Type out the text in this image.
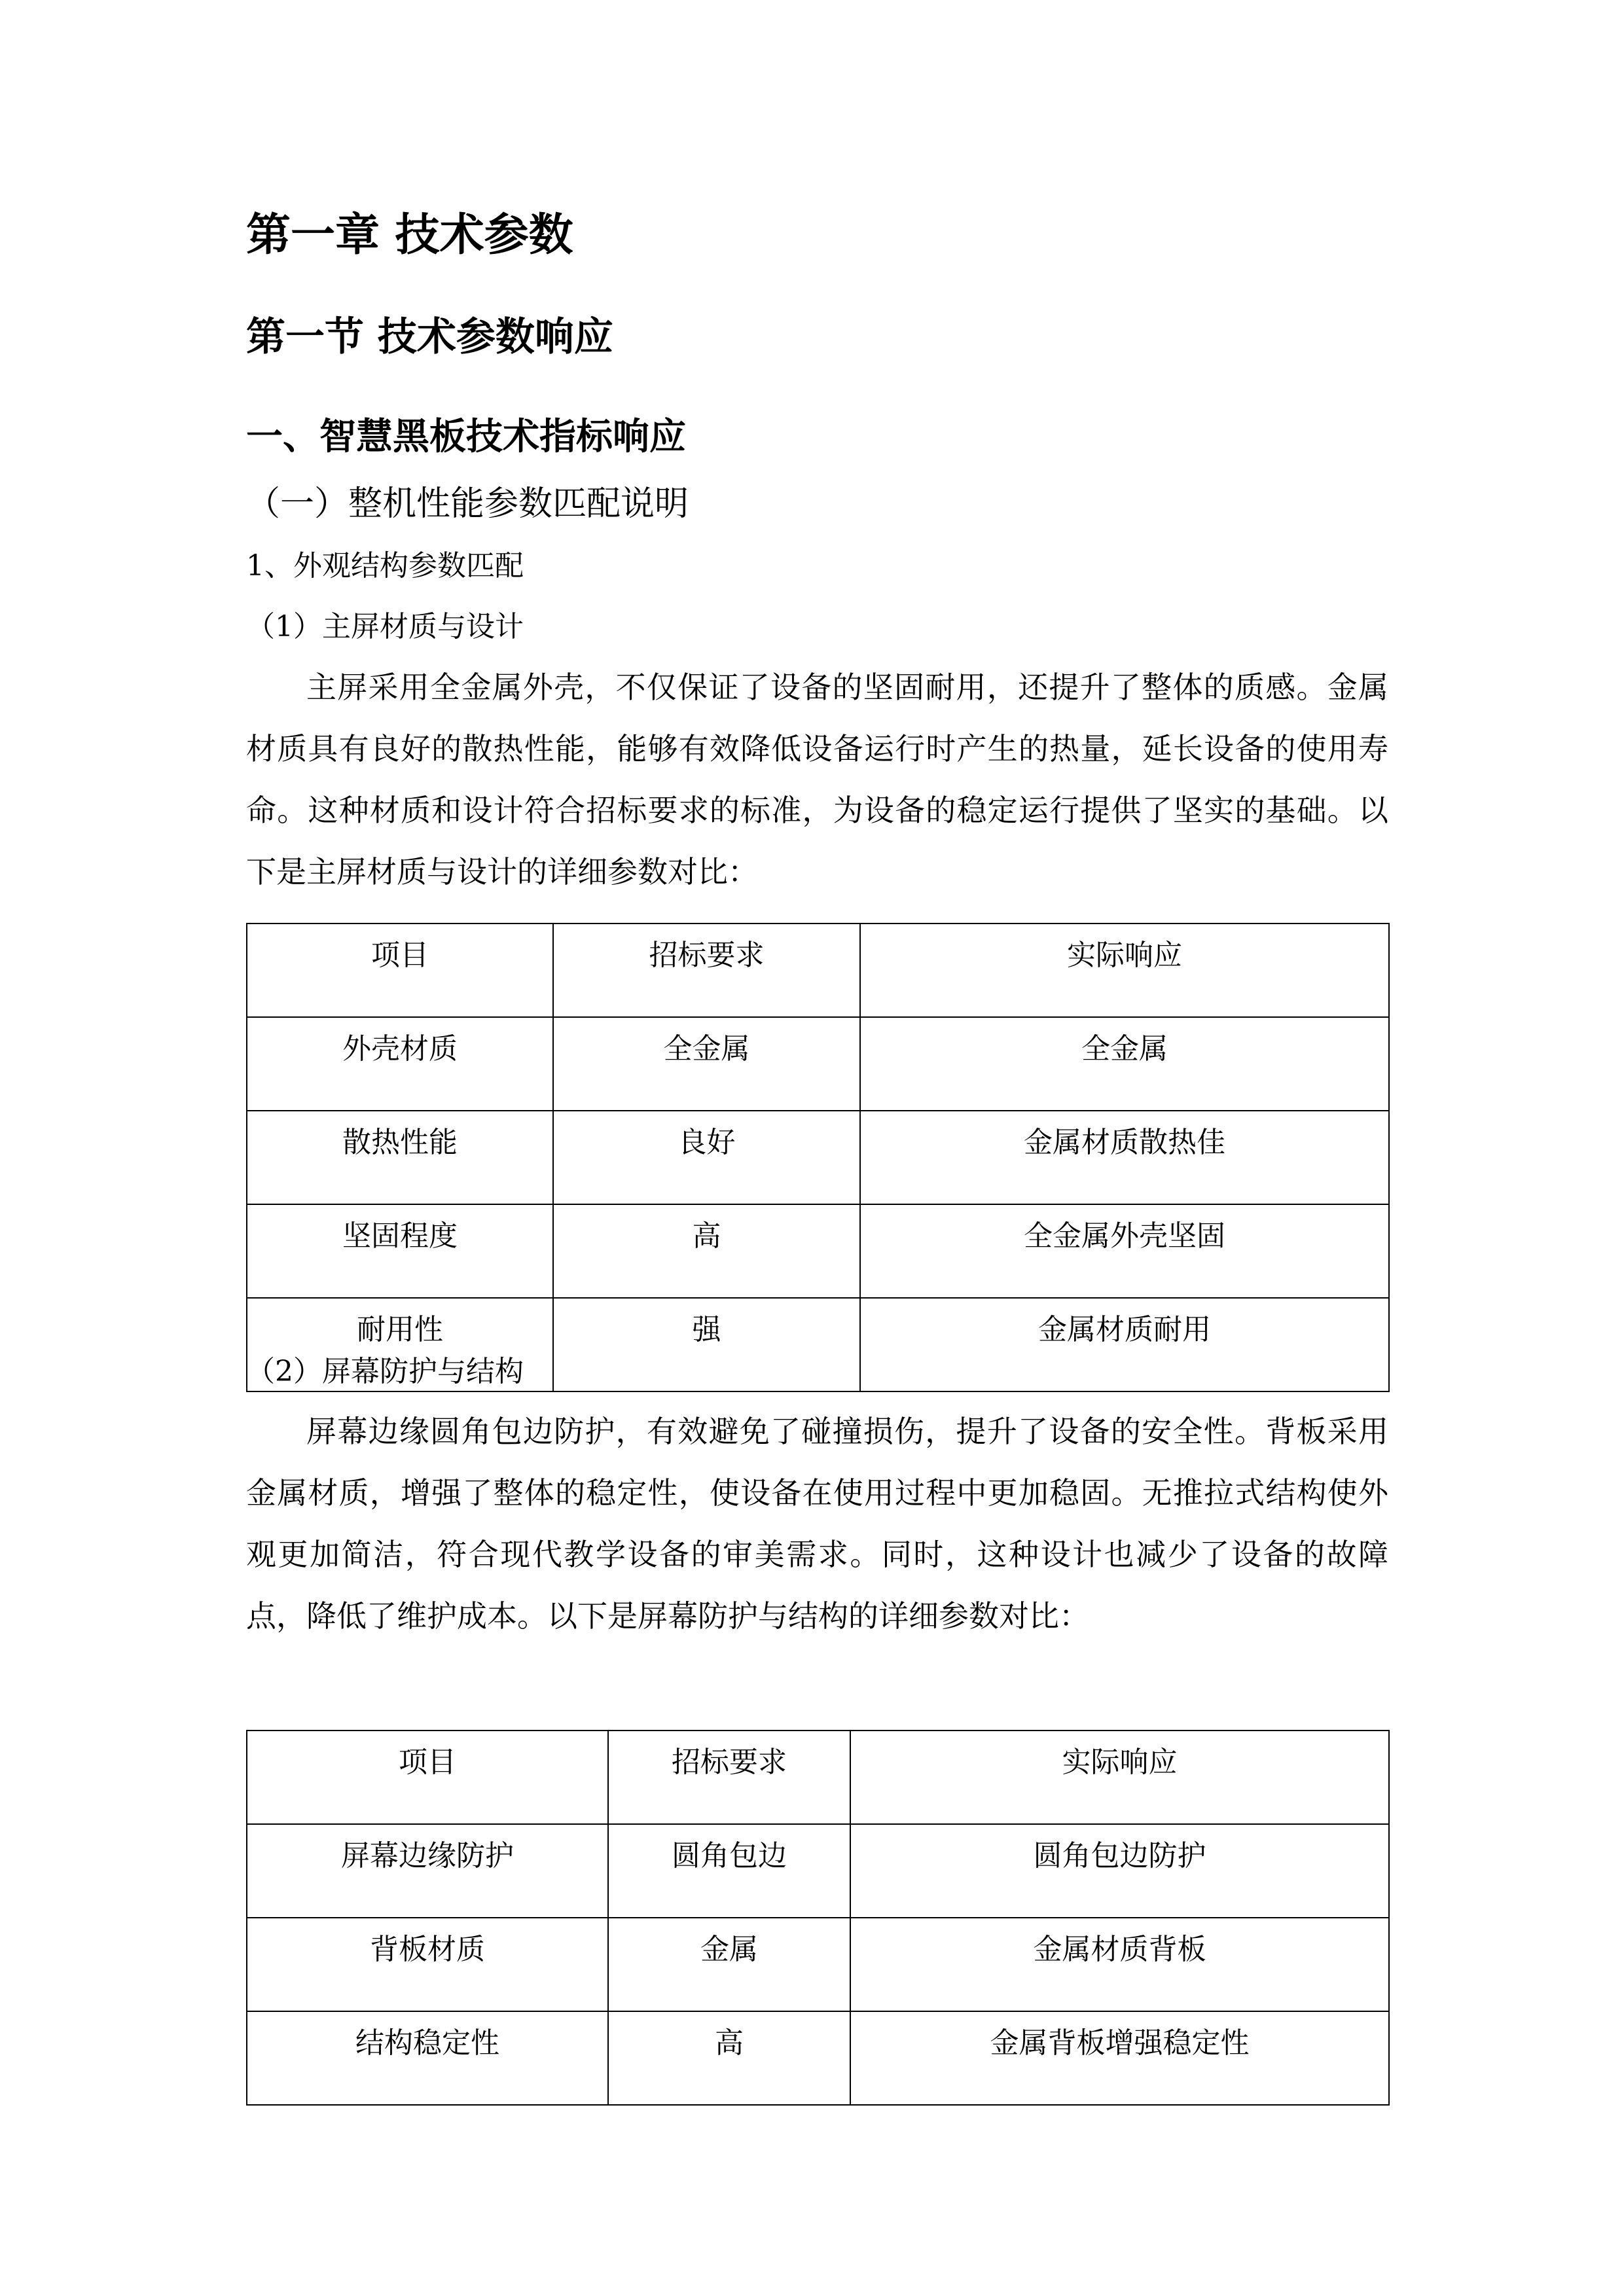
第一章 技术参数
第一节 技术参数响应
一、智慧黑板技术指标响应
（一）整机性能参数匹配说明
1、外观结构参数匹配
（1）主屏材质与设计

主屏采用全金属外壳，不仅保证了设备的坚固耐用，还提升了整体的质感。金属材质具有良好的散热性能，能够有效降低设备运行时产生的热量，延长设备的使用寿命。这种材质和设计符合招标要求的标准，为设备的稳定运行提供了坚实的基础。以下是主屏材质与设计的详细参数对比：

项目	招标要求	实际响应
外壳材质	全金属	全金属
散热性能	良好	金属材质散热佳
坚固程度	高	全金属外壳坚固
耐用性	强	金属材质耐用
（2）屏幕防护与结构

屏幕边缘圆角包边防护，有效避免了碰撞损伤，提升了设备的安全性。背板采用金属材质，增强了整体的稳定性，使设备在使用过程中更加稳固。无推拉式结构使外观更加简洁，符合现代教学设备的审美需求。同时，这种设计也减少了设备的故障点，降低了维护成本。以下是屏幕防护与结构的详细参数对比：

项目	招标要求	实际响应
屏幕边缘防护	圆角包边	圆角包边防护
背板材质	金属	金属材质背板
结构稳定性	高	金属背板增强稳定性
